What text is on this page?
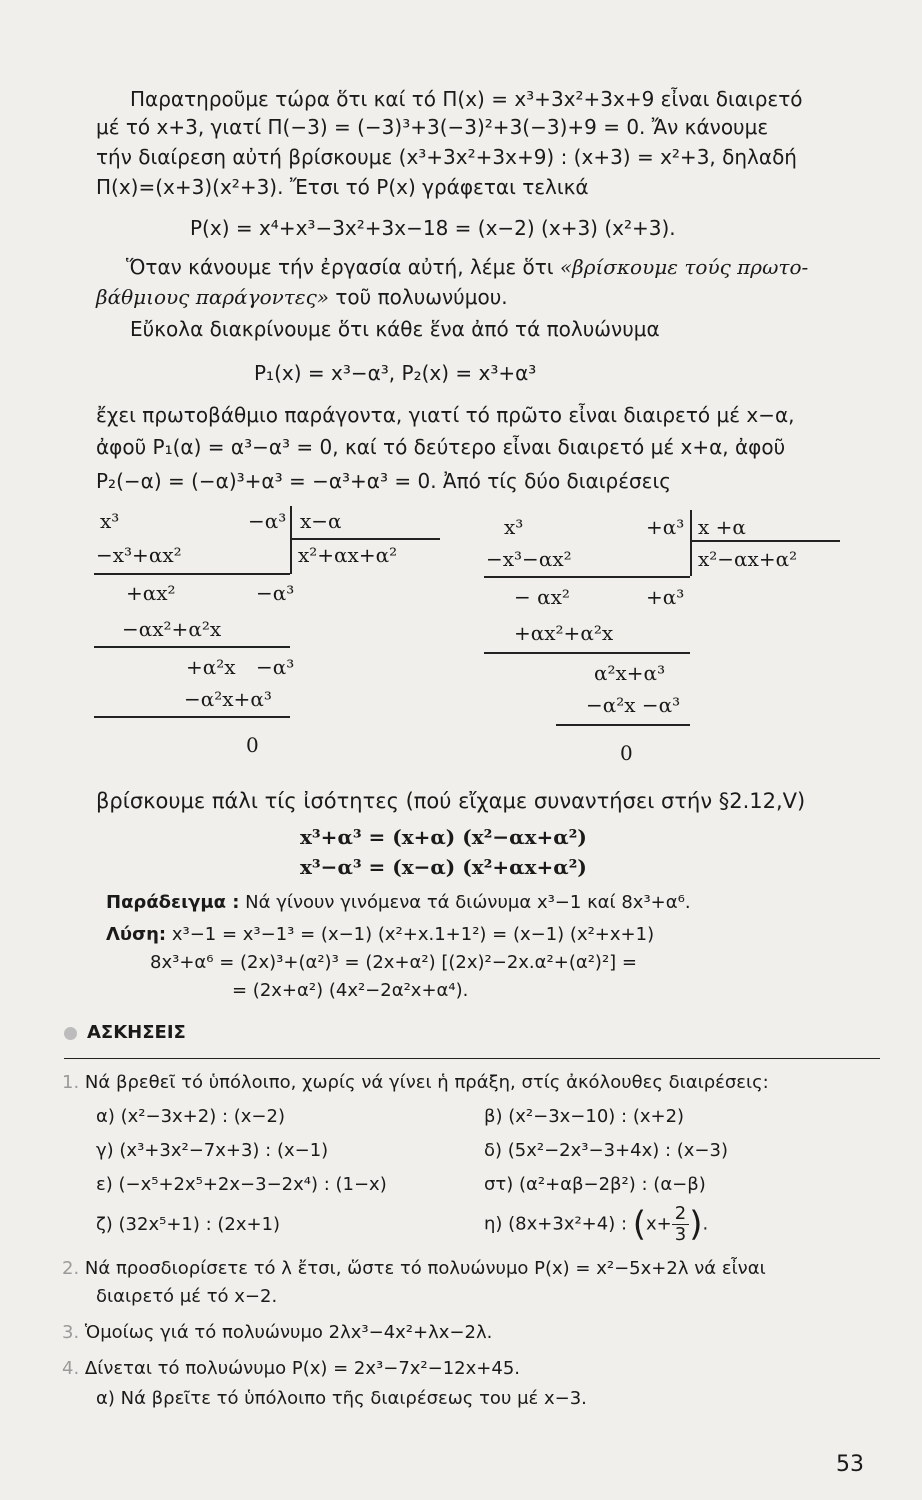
Παρατηροῦμε τώρα ὅτι καί τό Π(x) = x³+3x²+3x+9 εἶναι διαιρετό
μέ τό x+3, γιατί Π(−3) = (−3)³+3(−3)²+3(−3)+9 = 0. Ἄν κάνουμε
τήν διαίρεση αὐτή βρίσκουμε (x³+3x²+3x+9) : (x+3) = x²+3, δηλαδή
Π(x)=(x+3)(x²+3). Ἔτσι τό P(x) γράφεται τελικά
P(x) = x⁴+x³−3x²+3x−18 = (x−2) (x+3) (x²+3).
Ὅταν κάνουμε τήν ἐργασία αὐτή, λέμε ὅτι «βρίσκουμε τούς πρωτο-
βάθμιους παράγοντες» τοῦ πολυωνύμου.
Εὔκολα διακρίνουμε ὅτι κάθε ἕνα ἀπό τά πολυώνυμα
P₁(x) = x³−α³, P₂(x) = x³+α³
ἔχει πρωτοβάθμιο παράγοντα, γιατί τό πρῶτο εἶναι διαιρετό μέ x−α,
ἀφοῦ P₁(α) = α³−α³ = 0, καί τό δεύτερο εἶναι διαιρετό μέ x+α, ἀφοῦ
P₂(−α) = (−α)³+α³ = −α³+α³ = 0. Ἀπό τίς δύο διαιρέσεις
x³	−α³ x−α
−x³+αx²	x²+αx+α²
+αx²	−α³
−αx²+α²x
+α²x −α³
−α²x+α³
0
x³	+α³ x +α
−x³−αx²	x²−αx+α²
− αx²	+α³
+αx²+α²x
α²x+α³
−α²x −α³
0
βρίσκουμε πάλι τίς ἰσότητες (πού εἴχαμε συναντήσει στήν §2.12,V)
x³+α³ = (x+α) (x²−αx+α²)
x³−α³ = (x−α) (x²+αx+α²)
Παράδειγμα : Νά γίνουν γινόμενα τά διώνυμα x³−1 καί 8x³+α⁶.
Λύση: x³−1 = x³−1³ = (x−1) (x²+x.1+1²) = (x−1) (x²+x+1)
8x³+α⁶ = (2x)³+(α²)³ = (2x+α²) [(2x)²−2x.α²+(α²)²] =
= (2x+α²) (4x²−2α²x+α⁴).
ΑΣΚΗΣΕΙΣ
1. Νά βρεθεῖ τό ὑπόλοιπο, χωρίς νά γίνει ἡ πράξη, στίς ἀκόλουθες διαιρέσεις:
α) (x²−3x+2) : (x−2)	β) (x²−3x−10) : (x+2)
γ) (x³+3x²−7x+3) : (x−1)	δ) (5x²−2x³−3+4x) : (x−3)
ε) (−x⁵+2x⁵+2x−3−2x⁴) : (1−x)	στ) (α²+αβ−2β²) : (α−β)
ζ) (32x⁵+1) : (2x+1)	η) (8x+3x²+4) : ($x+ \frac{2}{3}$ ).
2. Νά προσδιορίσετε τό λ ἔτσι, ὥστε τό πολυώνυμο P(x) = x²−5x+2λ νά εἶναι
διαιρετό μέ τό x−2.
3. Ὁμοίως γιά τό πολυώνυμο 2λx³−4x²+λx−2λ.
4. Δίνεται τό πολυώνυμο P(x) = 2x³−7x²−12x+45.
α) Νά βρεῖτε τό ὑπόλοιπο τῆς διαιρέσεως του μέ x−3.
53
